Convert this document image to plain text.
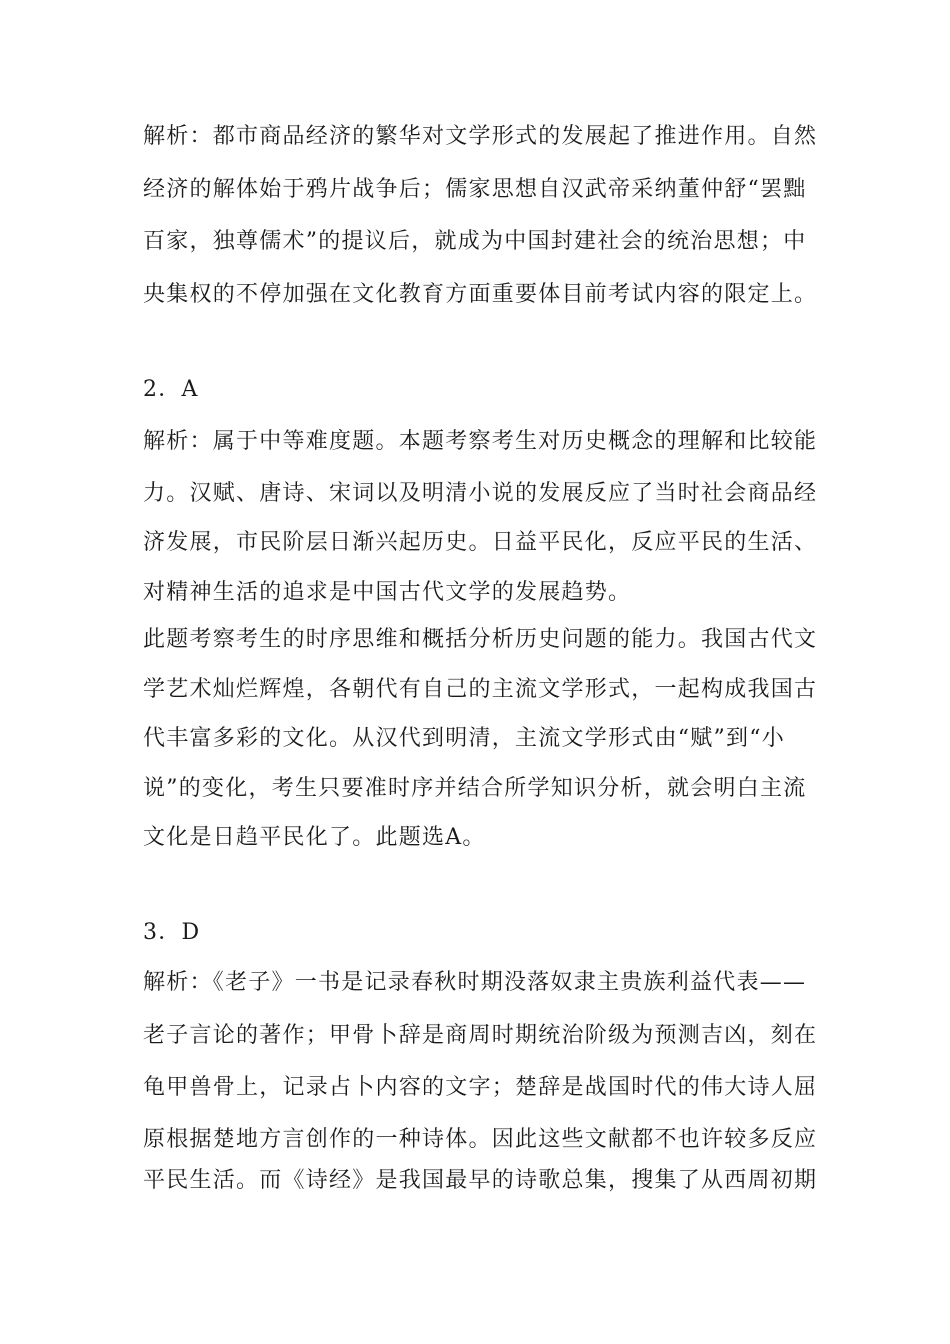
解析：都市商品经济的繁华对文学形式的发展起了推进作用。自然
经济的解体始于鸦片战争后；儒家思想自汉武帝采纳董仲舒“罢黜
百家，独尊儒术”的提议后，就成为中国封建社会的统治思想；中
央集权的不停加强在文化教育方面重要体目前考试内容的限定上。
2．A
解析：属于中等难度题。本题考察考生对历史概念的理解和比较能
力。汉赋、唐诗、宋词以及明清小说的发展反应了当时社会商品经
济发展，市民阶层日渐兴起历史。日益平民化，反应平民的生活、
对精神生活的追求是中国古代文学的发展趋势。
此题考察考生的时序思维和概括分析历史问题的能力。我国古代文
学艺术灿烂辉煌，各朝代有自己的主流文学形式，一起构成我国古
代丰富多彩的文化。从汉代到明清，主流文学形式由“赋”到“小
说”的变化，考生只要准时序并结合所学知识分析，就会明白主流
文化是日趋平民化了。此题选A。
3．D
解析：《老子》一书是记录春秋时期没落奴隶主贵族利益代表——
老子言论的著作；甲骨卜辞是商周时期统治阶级为预测吉凶，刻在
龟甲兽骨上，记录占卜内容的文字；楚辞是战国时代的伟大诗人屈
原根据楚地方言创作的一种诗体。因此这些文献都不也许较多反应
平民生活。而《诗经》是我国最早的诗歌总集，搜集了从西周初期
